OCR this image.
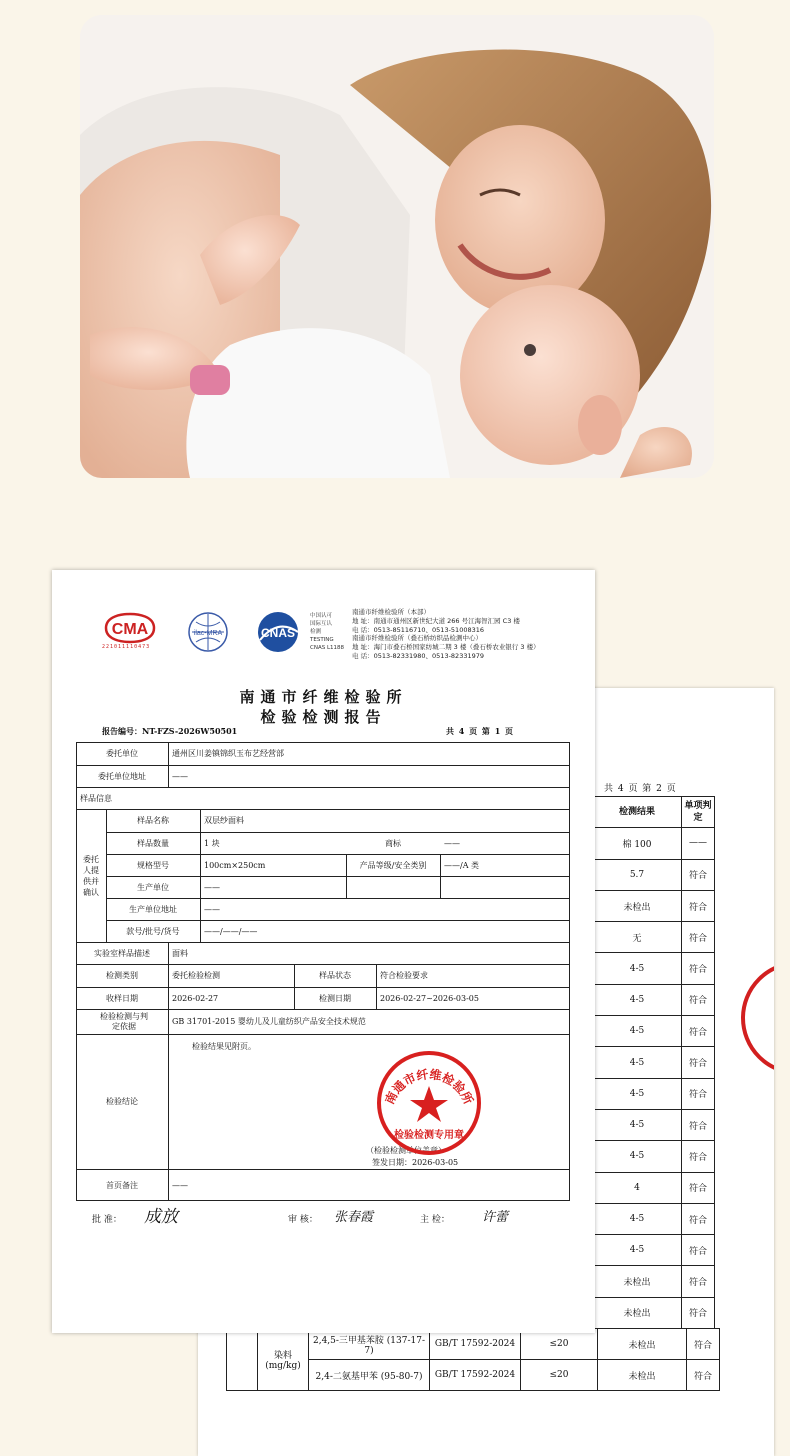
共 4 页 第 2 页
检测结果	单项判定
棉 100	——
5.7	符合
未检出	符合
无	符合
4-5	符合
4-5	符合
4-5	符合
4-5	符合
4-5	符合
4-5	符合
4-5	符合
4	符合
4-5	符合
4-5	符合
未检出	符合
未检出	符合
	染料 (mg/kg)	2,4,5-三甲基苯胺 (137-17-7)	GB/T 17592-2024	≤20	未检出	符合
		2,4-二氨基甲苯 (95-80-7)	GB/T 17592-2024	≤20	未检出	符合
CMA
221011110473
ilac-MRA	CNAS
中国认可
国际互认
检测
TESTING
CNAS L1188
南通市纤维检验所（本部）
地 址：南通市通州区新世纪大道 266 号江海智汇园 C3 楼
电 话：0513-85116710、0513-51008316
南通市纤维检验所（叠石桥纺织品检测中心）
地 址：海门市叠石桥国家纺城二期 3 楼（叠石桥农业银行 3 楼）
电 话：0513-82331980、0513-82331979
南通市纤维检验所
检验检测报告
报告编号：NT-FZS-2026W50501	共 4 页 第 1 页
委托单位	通州区川姜镇锦织玉布艺经营部
委托单位地址	——
样品信息
委托人提供并确认
样品名称	双层纱面料
样品数量	1 块	商标	——
规格型号	100cm×250cm	产品等级/安全类别	——/A 类
生产单位	——
生产单位地址	——
款号/批号/货号	——/——/——
实验室样品描述	面料
检测类别	委托检验检测	样品状态	符合检验要求
收样日期	2026-02-27	检测日期	2026-02-27~2026-03-05
检验检测与判定依据	GB 31701-2015 婴幼儿及儿童纺织产品安全技术规范
检验结论
检验结果见附页。
（检验检测单位盖章）
签发日期：2026-03-05
首页备注	——
南通市纤维检验所
检验检测专用章
批 准： 成放	审 核： 张春霞	主 检： 许蕾
